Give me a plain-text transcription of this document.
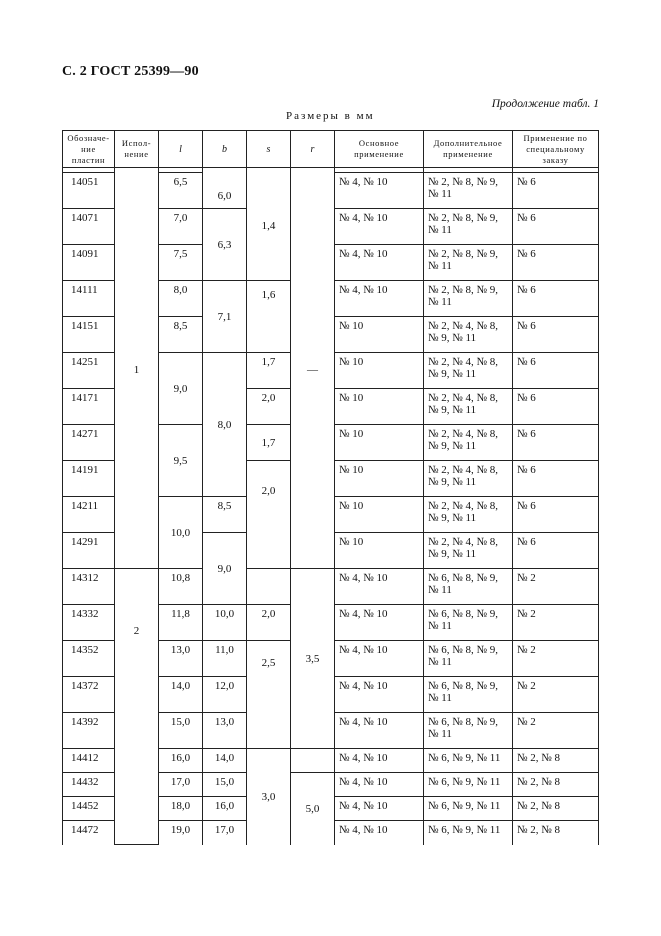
С. 2 ГОСТ 25399—90
Продолжение табл. 1
Размеры в мм
Обозначе-ние пластин	Испол-нение	l	b	s	r	Основное применение	Дополнительное применение	Применение по специальному заказу

14051	1	6,5	6,0	1,4	—	№ 4, № 10	№ 2, № 8, № 9, № 11	№ 6
14071		7,0	6,3			№ 4, № 10	№ 2, № 8, № 9, № 11	№ 6
14091		7,5				№ 4, № 10	№ 2, № 8, № 9, № 11	№ 6
14111		8,0	7,1	1,6		№ 4, № 10	№ 2, № 8, № 9, № 11	№ 6
14151		8,5				№ 10	№ 2, № 4, № 8, № 9, № 11	№ 6
14251		9,0	8,0	1,7		№ 10	№ 2, № 4, № 8, № 9, № 11	№ 6
14171				2,0		№ 10	№ 2, № 4, № 8, № 9, № 11	№ 6
14271		9,5		1,7		№ 10	№ 2, № 4, № 8, № 9, № 11	№ 6
14191				2,0		№ 10	№ 2, № 4, № 8, № 9, № 11	№ 6
14211		10,0	8,5			№ 10	№ 2, № 4, № 8, № 9, № 11	№ 6
14291			9,0			№ 10	№ 2, № 4, № 8, № 9, № 11	№ 6
14312	2	10,8			3,5	№ 4, № 10	№ 6, № 8, № 9, № 11	№ 2
14332		11,8	10,0	2,0		№ 4, № 10	№ 6, № 8, № 9, № 11	№ 2
14352		13,0	11,0	2,5		№ 4, № 10	№ 6, № 8, № 9, № 11	№ 2
14372		14,0	12,0			№ 4, № 10	№ 6, № 8, № 9, № 11	№ 2
14392		15,0	13,0			№ 4, № 10	№ 6, № 8, № 9, № 11	№ 2
14412		16,0	14,0	3,0		№ 4, № 10	№ 6, № 9, № 11	№ 2, № 8
14432		17,0	15,0		5,0	№ 4, № 10	№ 6, № 9, № 11	№ 2, № 8
14452		18,0	16,0			№ 4, № 10	№ 6, № 9, № 11	№ 2, № 8
14472		19,0	17,0			№ 4, № 10	№ 6, № 9, № 11	№ 2, № 8
